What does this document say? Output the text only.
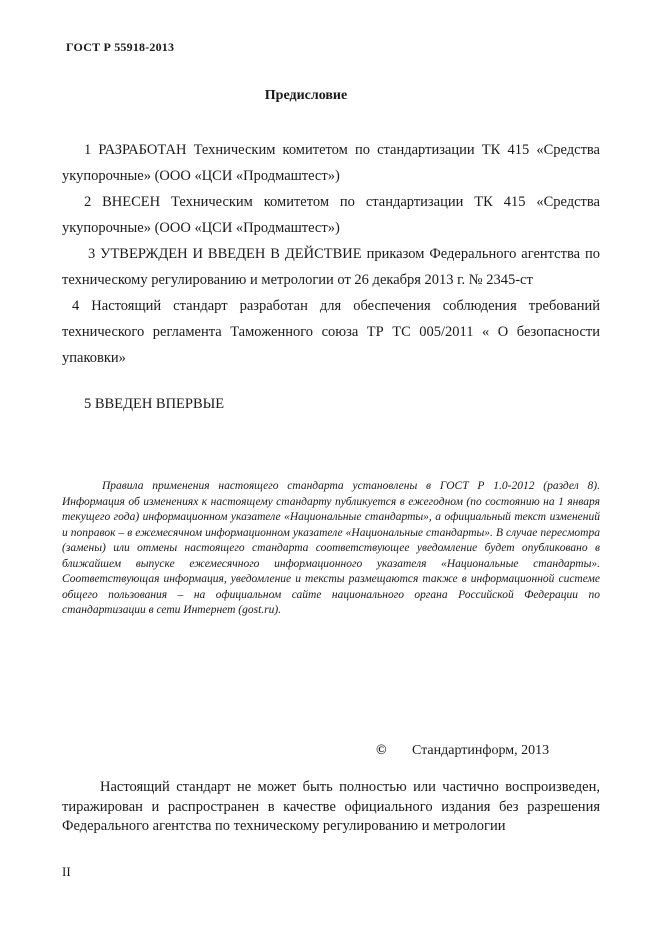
ГОСТ Р 55918-2013
Предисловие

1 РАЗРАБОТАН Техническим комитетом по стандартизации ТК 415 «Средства укупорочные» (ООО «ЦСИ «Продмаштест»)

2 ВНЕСЕН Техническим комитетом по стандартизации ТК 415 «Средства укупорочные» (ООО «ЦСИ «Продмаштест»)

3 УТВЕРЖДЕН И ВВЕДЕН В ДЕЙСТВИЕ приказом Федерального агентства по техническому регулированию и метрологии от 26 декабря 2013 г. № 2345-ст

4 Настоящий стандарт разработан для обеспечения соблюдения требований технического регламента Таможенного союза ТР ТС 005/2011 « О безопасности упаковки»

5 ВВЕДЕН ВПЕРВЫЕ

Правила применения настоящего стандарта установлены в ГОСТ Р 1.0-2012 (раздел 8). Информация об изменениях к настоящему стандарту публикуется в ежегодном (по состоянию на 1 января текущего года) информационном указателе «Национальные стандарты», а официальный текст изменений и поправок – в ежемесячном информационном указателе «Национальные стандарты». В случае пересмотра (замены) или отмены настоящего стандарта соответствующее уведомление будет опубликовано в ближайшем выпуске ежемесячного информационного указателя «Национальные стандарты». Соответствующая информация, уведомление и тексты размещаются также в информационной системе общего пользования – на официальном сайте национального органа Российской Федерации по стандартизации в сети Интернет (gost.ru).
© Стандартинформ, 2013
Настоящий стандарт не может быть полностью или частично воспроизведен, тиражирован и распространен в качестве официального издания без разрешения Федерального агентства по техническому регулированию и метрологии
II
